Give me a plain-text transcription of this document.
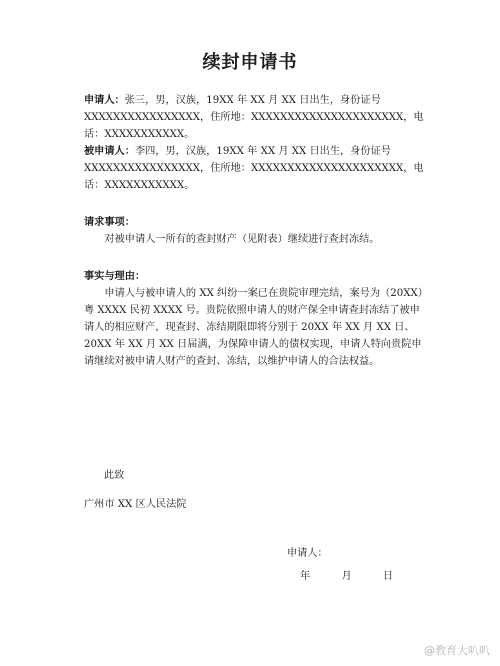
续封申请书

申请人：张三，男，汉族，19XX 年 XX 月 XX 日出生，身份证号
XXXXXXXXXXXXXXXX，住所地：XXXXXXXXXXXXXXXXXXXXX，电话：XXXXXXXXXXX。

被申请人：李四，男，汉族，19XX 年 XX 月 XX 日出生，身份证号
XXXXXXXXXXXXXXXX，住所地：XXXXXXXXXXXXXXXXXXXXX，电话：XXXXXXXXXXX。

请求事项：

对被申请人一所有的查封财产（见附表）继续进行查封冻结。

事实与理由：

申请人与被申请人的 XX 纠纷一案已在贵院审理完结，案号为（20XX）粤 XXXX 民初 XXXX 号。贵院依照申请人的财产保全申请查封冻结了被申请人的相应财产，现查封、冻结期限即将分别于 20XX 年 XX 月 XX 日、20XX 年 XX 月 XX 日届满，为保障申请人的债权实现，申请人特向贵院申请继续对被申请人财产的查封、冻结，以维护申请人的合法权益。

此致

广州市 XX 区人民法院

申请人：
年	月	日
@教育大叭叭
